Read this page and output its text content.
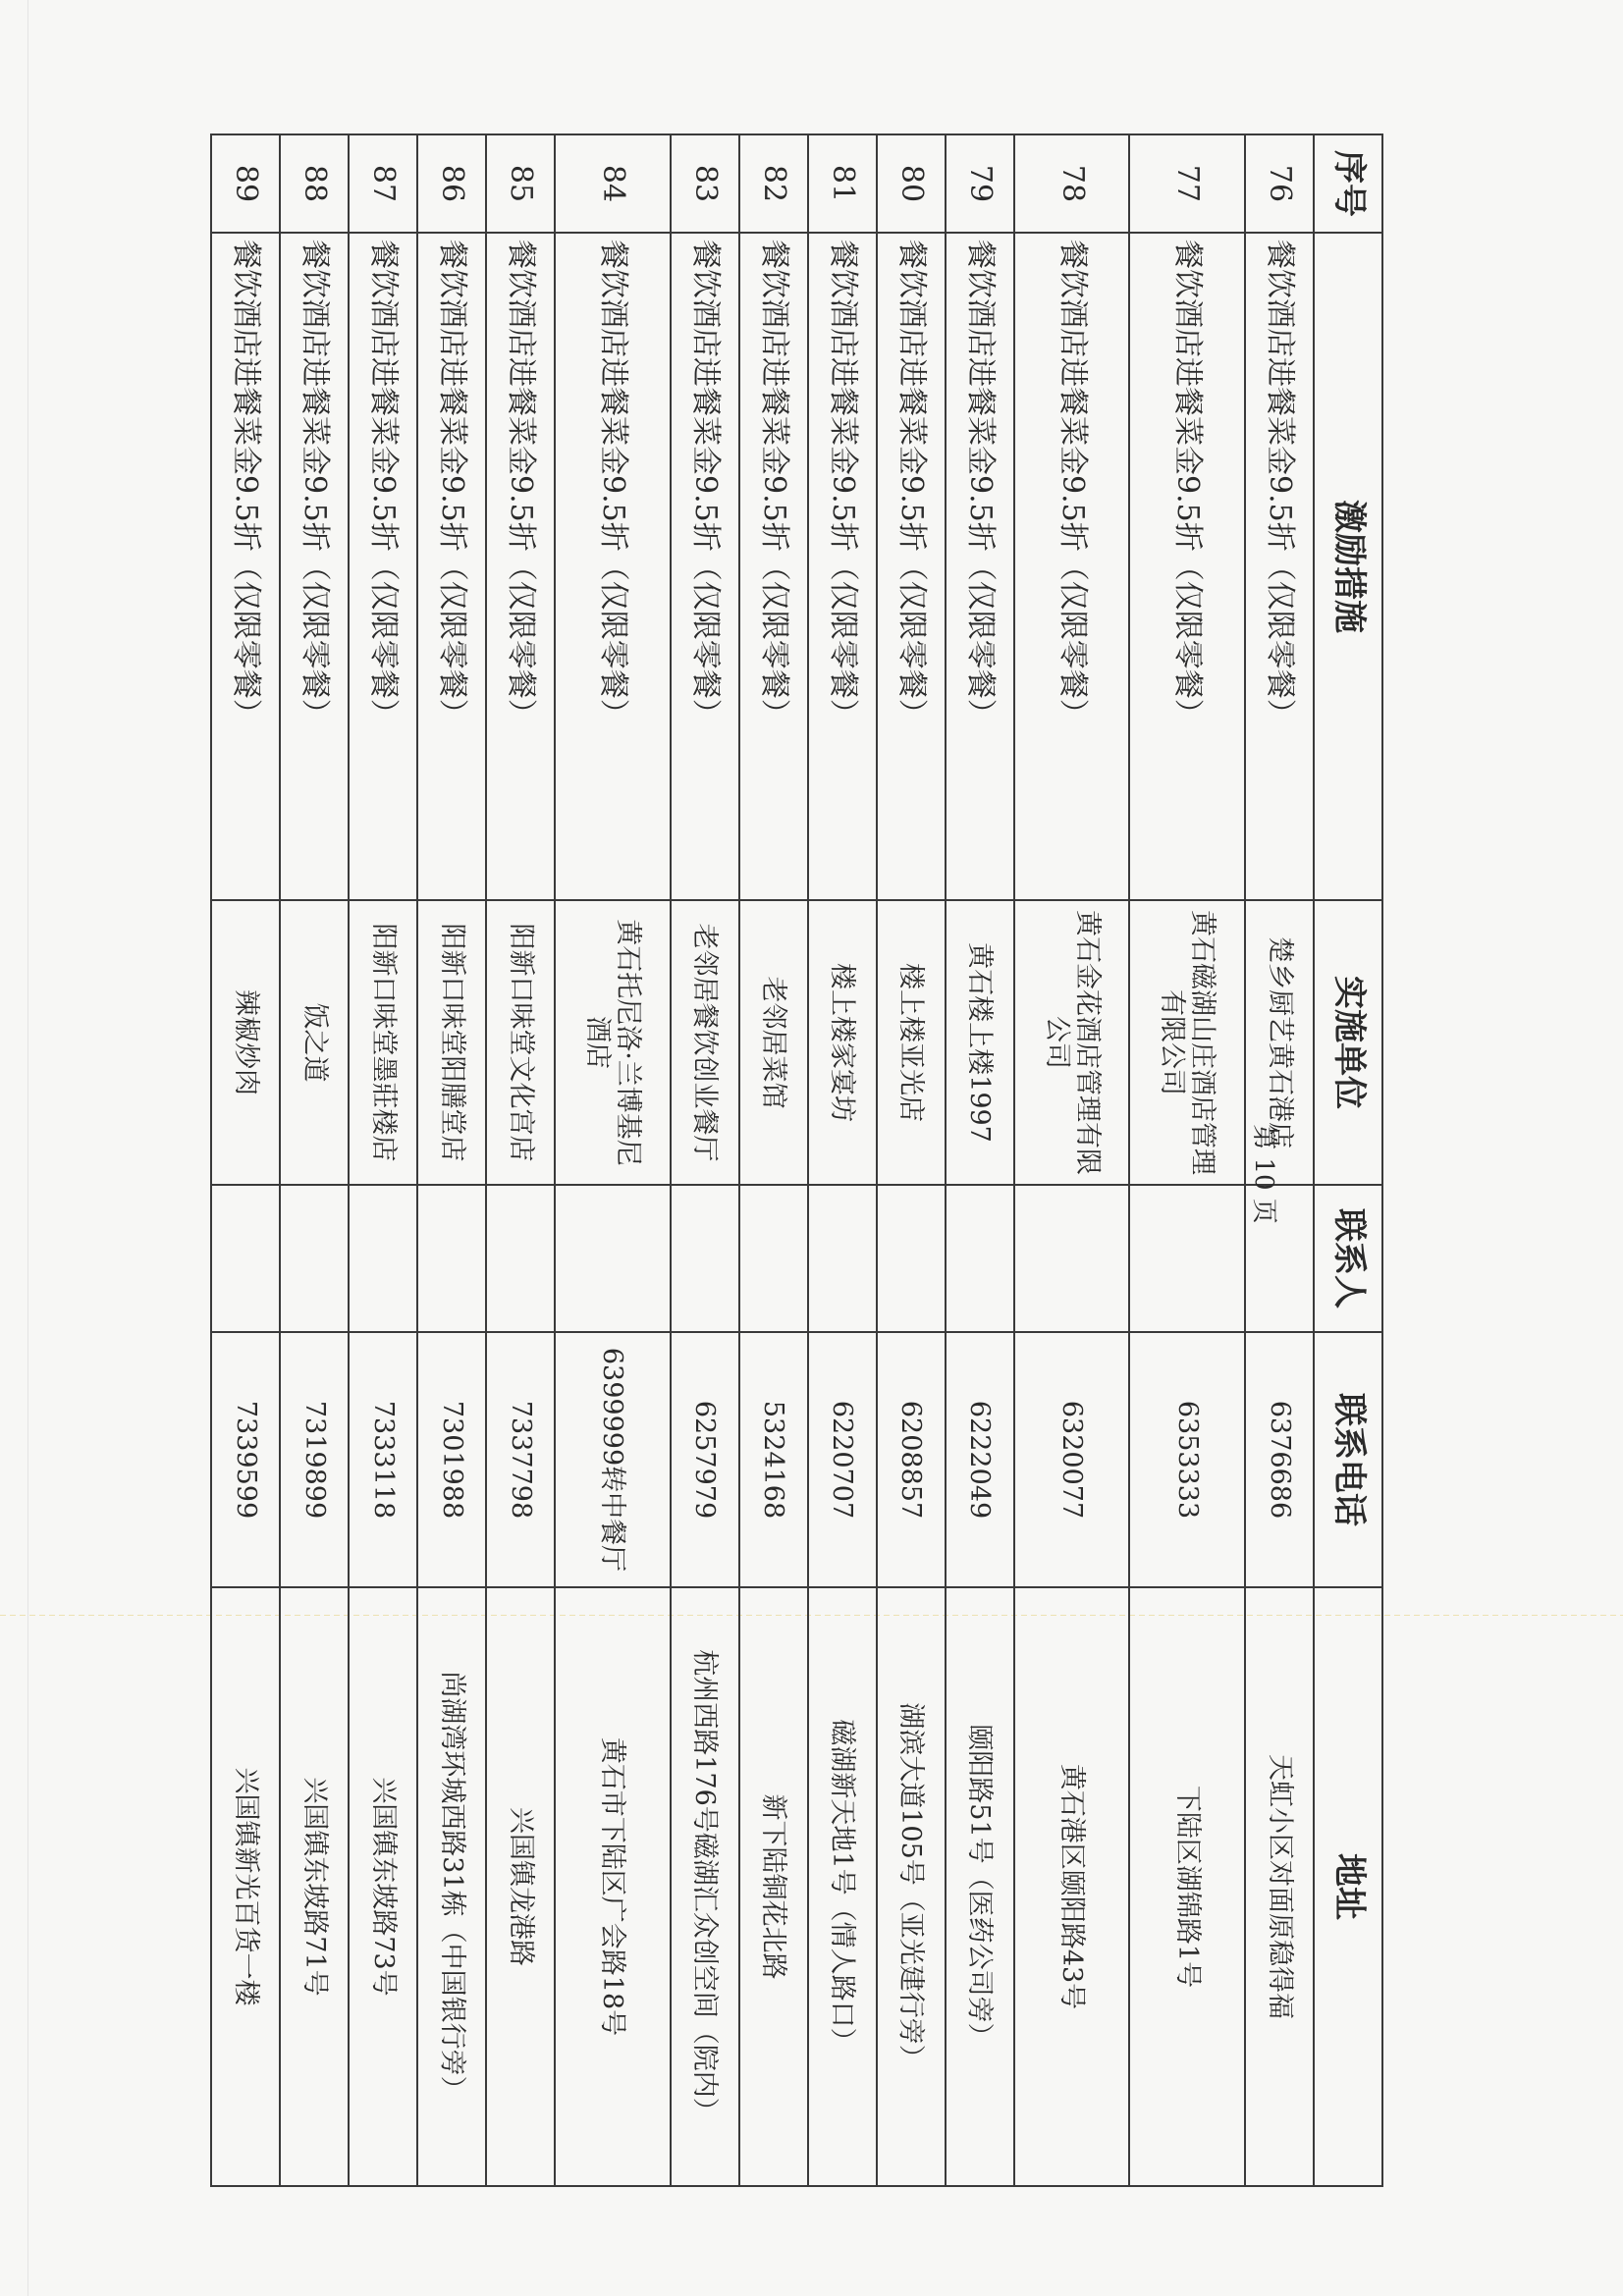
序号	激励措施	实施单位	联系人	联系电话	地址
76	餐饮酒店进餐菜金9.5折（仅限零餐）	楚乡厨艺黄石港店		6376686	天虹小区对面原稳得福
77	餐饮酒店进餐菜金9.5折（仅限零餐）	黄石磁湖山庄酒店管理有限公司		6353333	下陆区湖锦路1号
78	餐饮酒店进餐菜金9.5折（仅限零餐）	黄石金花酒店管理有限公司		6320077	黄石港区颐阳路43号
79	餐饮酒店进餐菜金9.5折（仅限零餐）	黄石楼上楼1997		6222049	颐阳路51号（医药公司旁）
80	餐饮酒店进餐菜金9.5折（仅限零餐）	楼上楼亚光店		6208857	湖滨大道105号（亚光建行旁）
81	餐饮酒店进餐菜金9.5折（仅限零餐）	楼上楼家宴坊		6220707	磁湖新天地1号（情人路口）
82	餐饮酒店进餐菜金9.5折（仅限零餐）	老邻居菜馆		5324168	新下陆铜花北路
83	餐饮酒店进餐菜金9.5折（仅限零餐）	老邻居餐饮创业餐厅		6257979	杭州西路176号磁湖汇众创空间（院内）
84	餐饮酒店进餐菜金9.5折（仅限零餐）	黄石托尼洛·兰博基尼酒店		6399999转中餐厅	黄石市下陆区广会路18号
85	餐饮酒店进餐菜金9.5折（仅限零餐）	阳新口味堂文化宫店		7337798	兴国镇龙港路
86	餐饮酒店进餐菜金9.5折（仅限零餐）	阳新口味堂阳膳堂店		7301988	尚湖湾环城西路31栋（中国银行旁）
87	餐饮酒店进餐菜金9.5折（仅限零餐）	阳新口味堂墨莊楼店		7333118	兴国镇东坡路73号
88	餐饮酒店进餐菜金9.5折（仅限零餐）	饭之道		7319899	兴国镇东坡路71号
89	餐饮酒店进餐菜金9.5折（仅限零餐）	辣椒炒肉		7339599	兴国镇新光百货一楼
第 10 页
